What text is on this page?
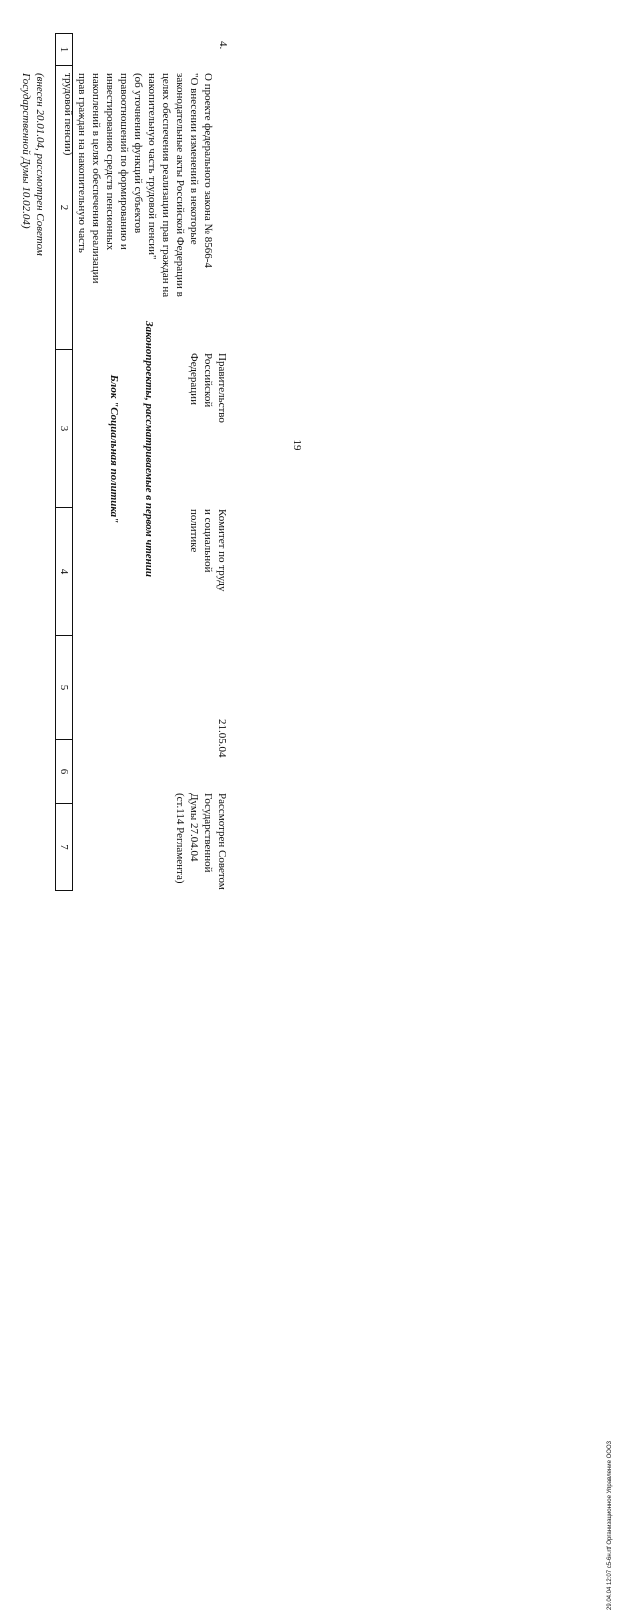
19
1
2
3
4
5
6
7
Законопроекты, рассматриваемые в первом чтении
Блок "Социальная политика"
4.

О проекте федерального закона № 8566-4
"О внесении изменений в некоторые
законодательные акты Российской Федерации в
целях обеспечения реализации прав граждан на
накопительную часть трудовой пенсии"
(об уточнении функций субъектов
правоотношений по формированию и
инвестированию средств пенсионных
накоплений в целях обеспечения реализации
прав граждан на накопительную часть
трудовой пенсии)

(внесен 20.01.04, рассмотрен Советом
Государственной Думы 10.02.04)

Правительство
Российской
Федерации
Комитет по труду
и социальной
политике
21.05.04
Рассмотрен Советом
Государственной
Думы 27.04.04
(ст.114 Регламента)
29.04.04 12:07 с5-6н.rtf Организационное Управление ООО3
